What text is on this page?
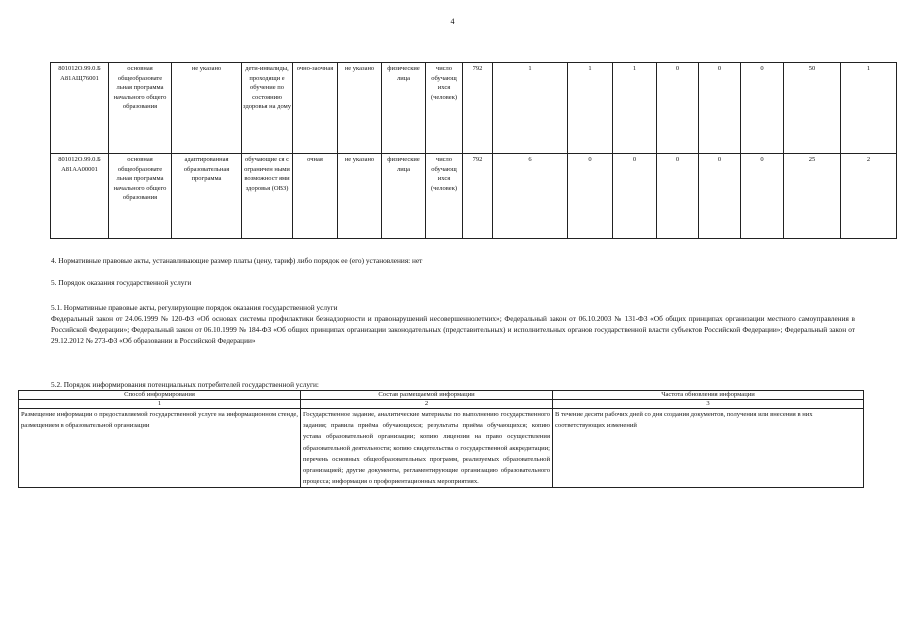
4
801012О.99.0.Б А81АЩ76001	основная общеобразовате льная программа начального общего образования	не указано	дети-инвалиды, проходящи е обучение по состоянию здоровья на дому	очно-заочная	не указано	физические лица	число обучающ ихся (человек)	792	1	1	1	0	0	0	50	1
801012О.99.0.Б А81АА00001	основная общеобразовате льная программа начального общего образования	адаптированная образовательная программа	обучающие ся с ограничен ными возможност ями здоровья (ОВЗ)	очная	не указано	физические лица	число обучающ ихся (человек)	792	6	0	0	0	0	0	25	2
4. Нормативные правовые акты, устанавливающие размер платы (цену, тариф) либо порядок ее (его) установления: нет
5. Порядок оказания государственной услуги
5.1. Нормативные правовые акты, регулирующие порядок оказания государственной услуги
Федеральный закон от 24.06.1999 № 120-ФЗ «Об основах системы профилактики безнадзорности и правонарушений несовершеннолетних»; Федеральный закон от 06.10.2003 № 131-ФЗ «Об общих принципах организации местного самоуправления в Российской Федерации»; Федеральный закон от 06.10.1999 № 184-ФЗ «Об общих принципах организации законодательных (представительных) и исполнительных органов государственной власти субъектов Российской Федерации»; Федеральный закон от 29.12.2012 № 273-ФЗ «Об образовании в Российской Федерации»
5.2. Порядок информирования потенциальных потребителей государственной услуги:
Способ информирования	Состав размещаемой информации	Частота обновления информации
1	2	3
Размещение информации о предоставляемой государственной услуге на информационном стенде, размещением в образовательной организации	Государственное задание, аналитические материалы по выполнению государственного задания; правила приёма обучающихся; результаты приёма обучающихся; копию устава образовательной организации; копию лицензии на право осуществления образовательной деятельности; копию свидетельства о государственной аккредитации; перечень основных общеобразовательных программ, реализуемых образовательной организацией; другие документы, регламентирующие организацию образовательного процесса; информация о профориентационных мероприятиях.	В течение десяти рабочих дней со дня создания документов, получения или внесения в них соответствующих изменений
